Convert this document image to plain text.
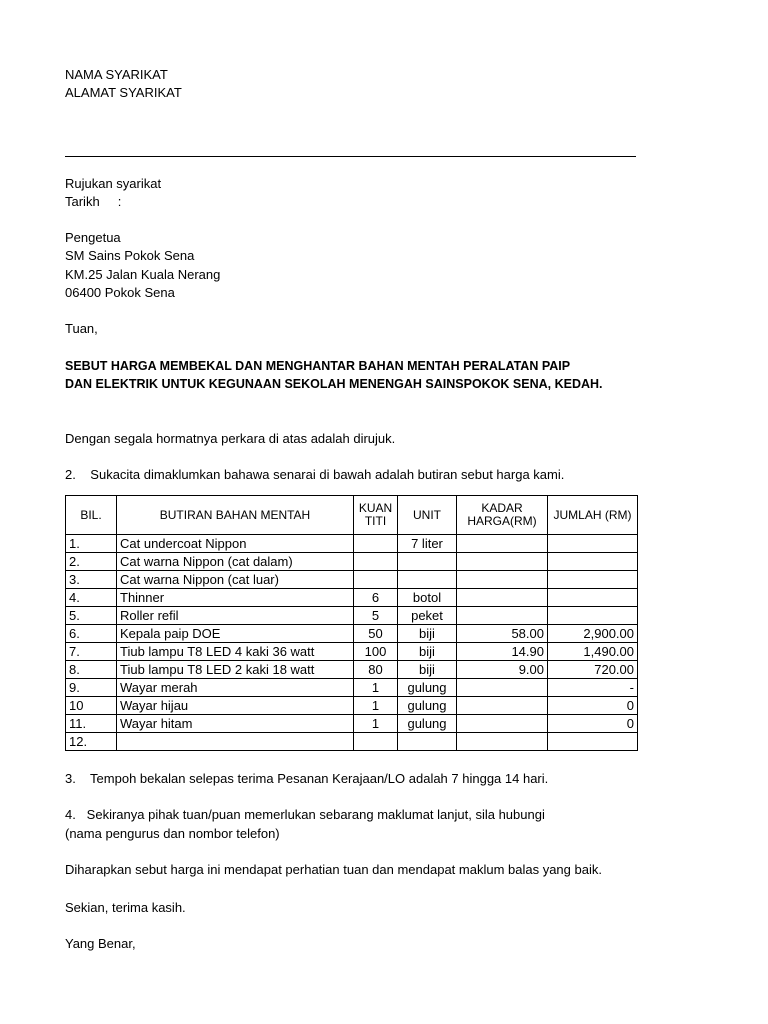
NAMA SYARIKAT
ALAMAT SYARIKAT
Rujukan syarikat
Tarikh     :
Pengetua
SM Sains Pokok Sena
KM.25 Jalan Kuala Nerang
06400 Pokok Sena
Tuan,
SEBUT HARGA MEMBEKAL DAN MENGHANTAR BAHAN MENTAH PERALATAN PAIP
DAN ELEKTRIK UNTUK KEGUNAAN SEKOLAH MENENGAH SAINSPOKOK SENA, KEDAH.
Dengan segala hormatnya perkara di atas adalah dirujuk.
2.    Sukacita dimaklumkan bahawa senarai di bawah adalah butiran sebut harga kami.
BIL.	BUTIRAN BAHAN MENTAH	KUANTITI	UNIT	KADAR HARGA(RM)	JUMLAH (RM)
1.	Cat undercoat Nippon		7 liter		
2.	Cat warna Nippon (cat dalam)				
3.	Cat warna Nippon (cat luar)				
4.	Thinner	6	botol		
5.	Roller refil	5	peket		
6.	Kepala paip DOE	50	biji	58.00	2,900.00
7.	Tiub lampu T8 LED 4 kaki 36 watt	100	biji	14.90	1,490.00
8.	Tiub lampu T8 LED 2 kaki 18 watt	80	biji	9.00	720.00
9.	Wayar merah	1	gulung		-
10	Wayar hijau	1	gulung		0
11.	Wayar hitam	1	gulung		0
12.					
3.    Tempoh bekalan selepas terima Pesanan Kerajaan/LO adalah 7 hingga 14 hari.
4.   Sekiranya pihak tuan/puan memerlukan sebarang maklumat lanjut, sila hubungi
(nama pengurus dan nombor telefon)
Diharapkan sebut harga ini mendapat perhatian tuan dan mendapat maklum balas yang baik.
Sekian, terima kasih.
Yang Benar,
